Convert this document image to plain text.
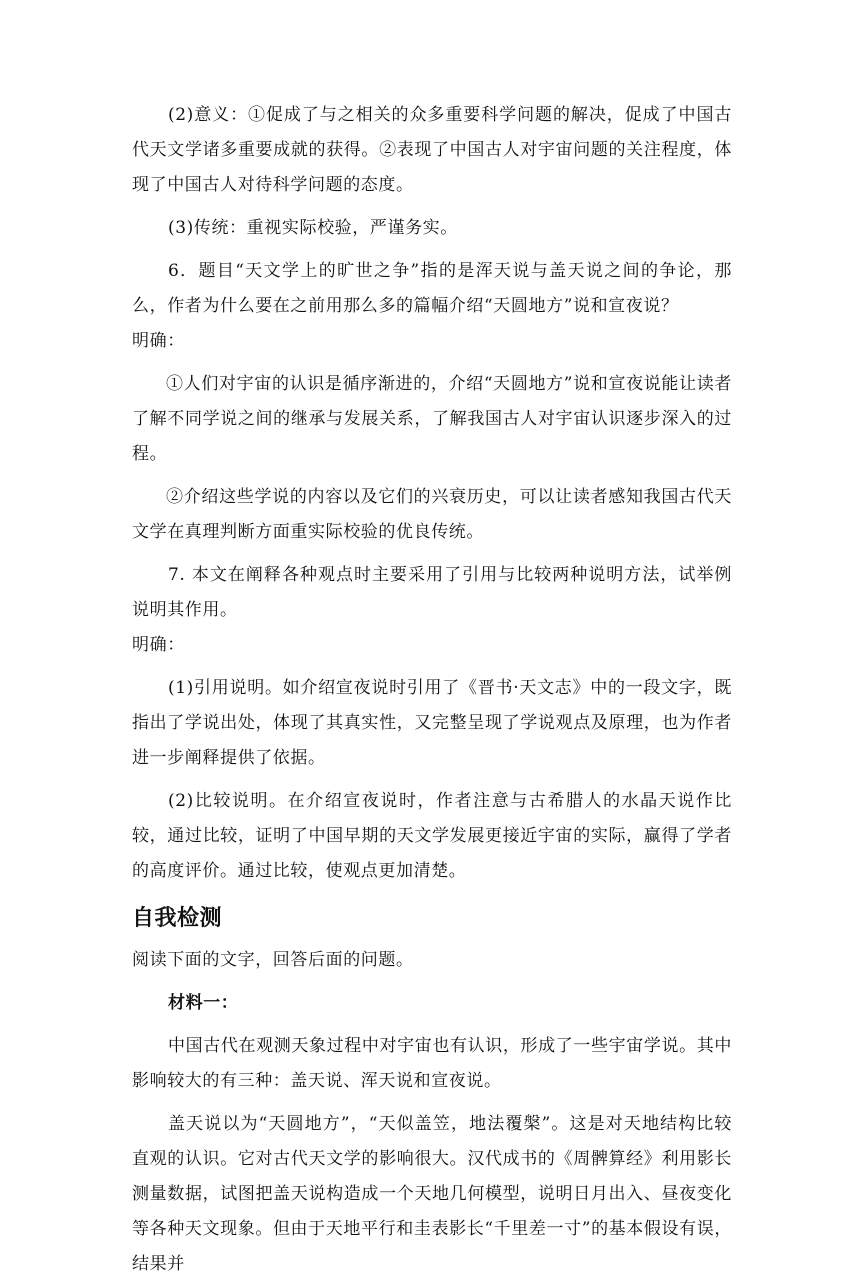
(2)意义：①促成了与之相关的众多重要科学问题的解决，促成了中国古代天文学诸多重要成就的获得。②表现了中国古人对宇宙问题的关注程度，体现了中国古人对待科学问题的态度。

(3)传统：重视实际校验，严谨务实。

6．题目“天文学上的旷世之争”指的是浑天说与盖天说之间的争论，那么，作者为什么要在之前用那么多的篇幅介绍“天圆地方”说和宣夜说？

明确：

①人们对宇宙的认识是循序渐进的，介绍“天圆地方”说和宣夜说能让读者了解不同学说之间的继承与发展关系，了解我国古人对宇宙认识逐步深入的过程。

②介绍这些学说的内容以及它们的兴衰历史，可以让读者感知我国古代天文学在真理判断方面重实际校验的优良传统。

7. 本文在阐释各种观点时主要采用了引用与比较两种说明方法，试举例说明其作用。

明确：

(1)引用说明。如介绍宣夜说时引用了《晋书·天文志》中的一段文字，既指出了学说出处，体现了其真实性，又完整呈现了学说观点及原理，也为作者进一步阐释提供了依据。

(2)比较说明。在介绍宣夜说时，作者注意与古希腊人的水晶天说作比较，通过比较，证明了中国早期的天文学发展更接近宇宙的实际，赢得了学者的高度评价。通过比较，使观点更加清楚。

自我检测

阅读下面的文字，回答后面的问题。

材料一：

中国古代在观测天象过程中对宇宙也有认识，形成了一些宇宙学说。其中影响较大的有三种：盖天说、浑天说和宣夜说。

盖天说以为“天圆地方”，“天似盖笠，地法覆槃”。这是对天地结构比较直观的认识。它对古代天文学的影响很大。汉代成书的《周髀算经》利用影长测量数据，试图把盖天说构造成一个天地几何模型，说明日月出入、昼夜变化等各种天文现象。但由于天地平行和圭表影长“千里差一寸”的基本假设有误，结果并
